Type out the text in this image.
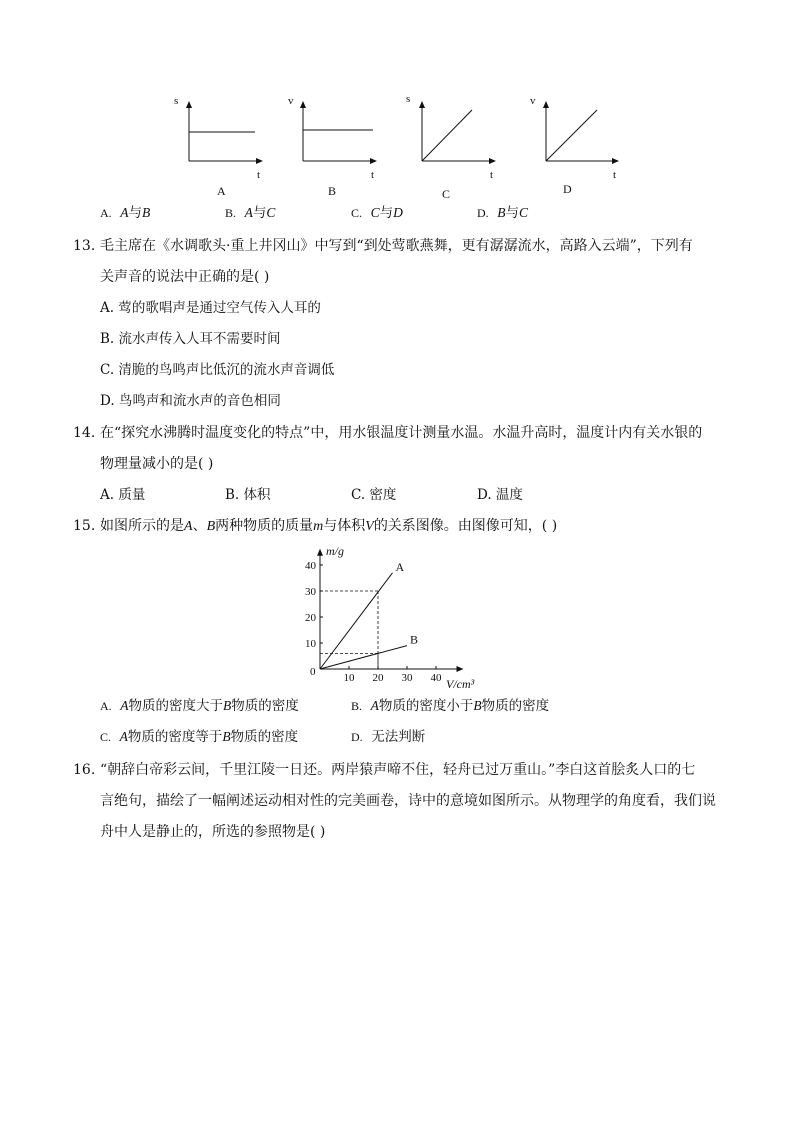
s
t
A
v
t
B
s
t
C
v
t
D
A. A与B	B. A与C	C. C与D	D. B与C
13. 毛主席在《水调歌头·重上井冈山》中写到“到处莺歌燕舞，更有潺潺流水，高路入云端”，下列有
关声音的说法中正确的是( )
A. 莺的歌唱声是通过空气传入人耳的
B. 流水声传入人耳不需要时间
C. 清脆的鸟鸣声比低沉的流水声音调低
D. 鸟鸣声和流水声的音色相同
14. 在“探究水沸腾时温度变化的特点”中，用水银温度计测量水温。水温升高时，温度计内有关水银的
物理量减小的是( )
A. 质量	B. 体积	C. 密度	D. 温度
15. 如图所示的是A、B两种物质的质量m与体积V的关系图像。由图像可知，( )
10 20 30 40
10
20
30
40	A
B
m/g
V/cm³
0
A. A物质的密度大于B物质的密度	B. A物质的密度小于B物质的密度
C. A物质的密度等于B物质的密度	D. 无法判断
16. “朝辞白帝彩云间，千里江陵一日还。两岸猿声啼不住，轻舟已过万重山。”李白这首脍炙人口的七
言绝句，描绘了一幅阐述运动相对性的完美画卷，诗中的意境如图所示。从物理学的角度看，我们说
舟中人是静止的，所选的参照物是( )
